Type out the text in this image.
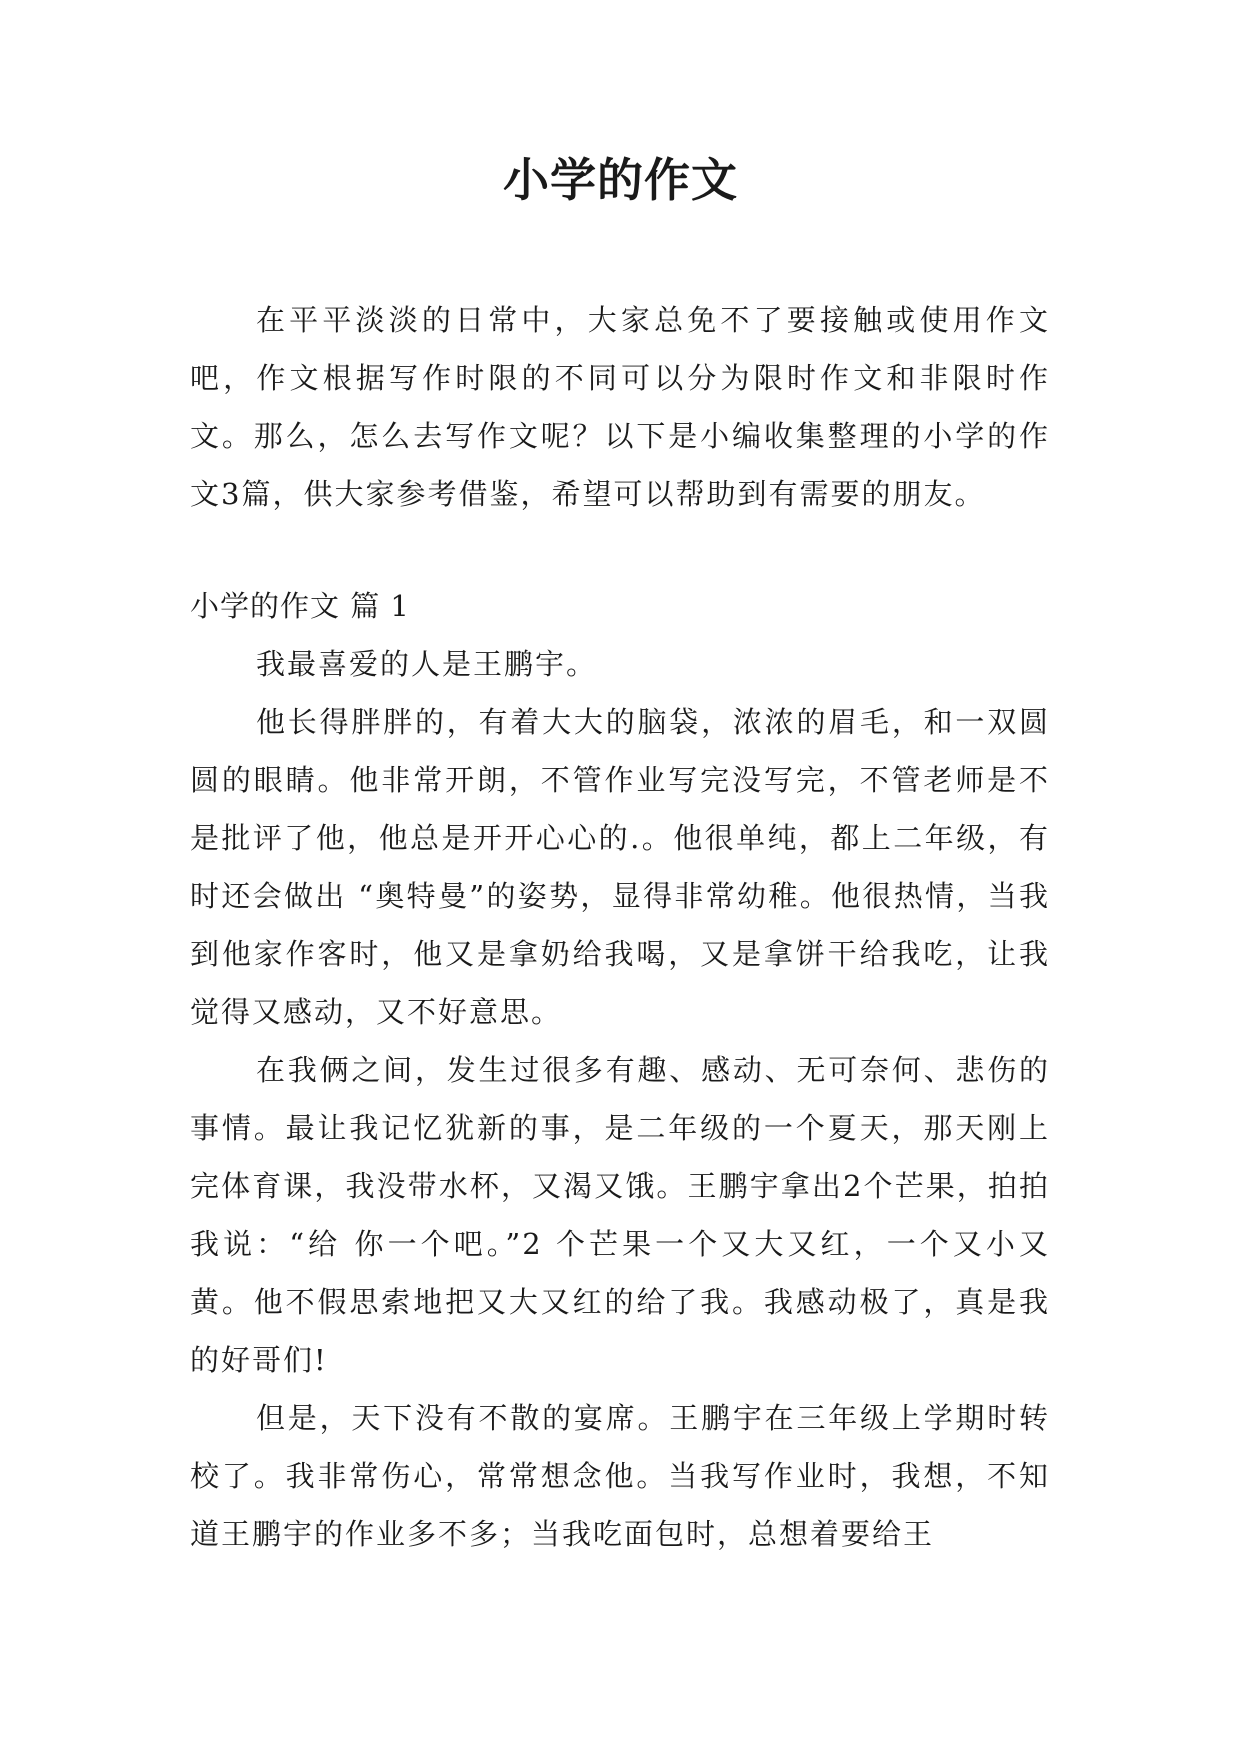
小学的作文

在平平淡淡的日常中，大家总免不了要接触或使用作文吧，作文根据写作时限的不同可以分为限时作文和非限时作文。那么，怎么去写作文呢？以下是小编收集整理的小学的作文3篇，供大家参考借鉴，希望可以帮助到有需要的朋友。

小学的作文 篇 1

我最喜爱的人是王鹏宇。

他长得胖胖的，有着大大的脑袋，浓浓的眉毛，和一双圆圆的眼睛。他非常开朗，不管作业写完没写完，不管老师是不是批评了他，他总是开开心心的.。他很单纯，都上二年级，有时还会做出 “奥特曼”的姿势，显得非常幼稚。他很热情，当我到他家作客时，他又是拿奶给我喝，又是拿饼干给我吃，让我觉得又感动，又不好意思。

在我俩之间，发生过很多有趣、感动、无可奈何、悲伤的事情。最让我记忆犹新的事，是二年级的一个夏天，那天刚上完体育课，我没带水杯，又渴又饿。王鹏宇拿出2个芒果，拍拍我说：“给 你一个吧。”2 个芒果一个又大又红，一个又小又黄。他不假思索地把又大又红的给了我。我感动极了，真是我的好哥们!

但是，天下没有不散的宴席。王鹏宇在三年级上学期时转校了。我非常伤心，常常想念他。当我写作业时，我想，不知道王鹏宇的作业多不多；当我吃面包时，总想着要给王
